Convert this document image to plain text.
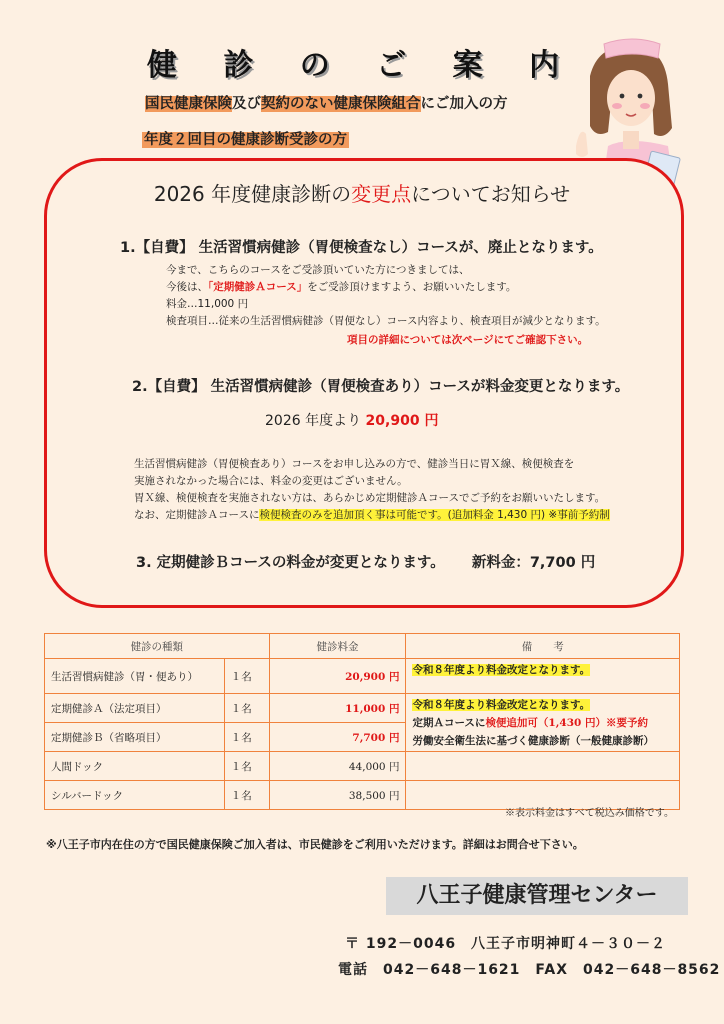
健 診 の ご 案 内
国民健康保険及び契約のない健康保険組合にご加入の方
年度２回目の健康診断受診の方
2026 年度健康診断の変更点についてお知らせ
1.【自費】 生活習慣病健診（胃便検査なし）コースが、廃止となります。
今まで、こちらのコースをご受診頂いていた方につきましては、
今後は、「定期健診Ａコース」をご受診頂けますよう、お願いいたします。
料金…11,000 円
検査項目…従来の生活習慣病健診（胃便なし）コース内容より、検査項目が減少となります。
項目の詳細については次ページにてご確認下さい。
2.【自費】 生活習慣病健診（胃便検査あり）コースが料金変更となります。
2026 年度より 20,900 円
生活習慣病健診（胃便検査あり）コースをお申し込みの方で、健診当日に胃Ｘ線、検便検査を
実施されなかった場合には、料金の変更はございません。
胃Ｘ線、検便検査を実施されない方は、あらかじめ定期健診Ａコースでご予約をお願いいたします。
なお、定期健診Ａコースに検便検査のみを追加頂く事は可能です。(追加料金 1,430 円) ※事前予約制
3. 定期健診Ｂコースの料金が変更となります。 新料金：7,700 円
健診の種類		健診料金	備　　考
生活習慣病健診（胃・便あり）	１名	20,900 円	令和８年度より料金改定となります。
定期健診Ａ（法定項目）	１名	11,000 円	令和８年度より料金改定となります。
定期Ａコースに検便追加可（1,430 円）※要予約
労働安全衛生法に基づく健康診断（一般健康診断）

定期健診Ｂ（省略項目）	１名	7,700 円	
人間ドック	１名	44,000 円	
シルバードック	１名	38,500 円	
※表示料金はすべて税込み価格です。
※八王子市内在住の方で国民健康保険ご加入者は、市民健診をご利用いただけます。詳細はお問合せ下さい。
八王子健康管理センター
〒 192－0046　八王子市明神町４－３０－２
電話　042－648－1621　FAX　042－648－8562
